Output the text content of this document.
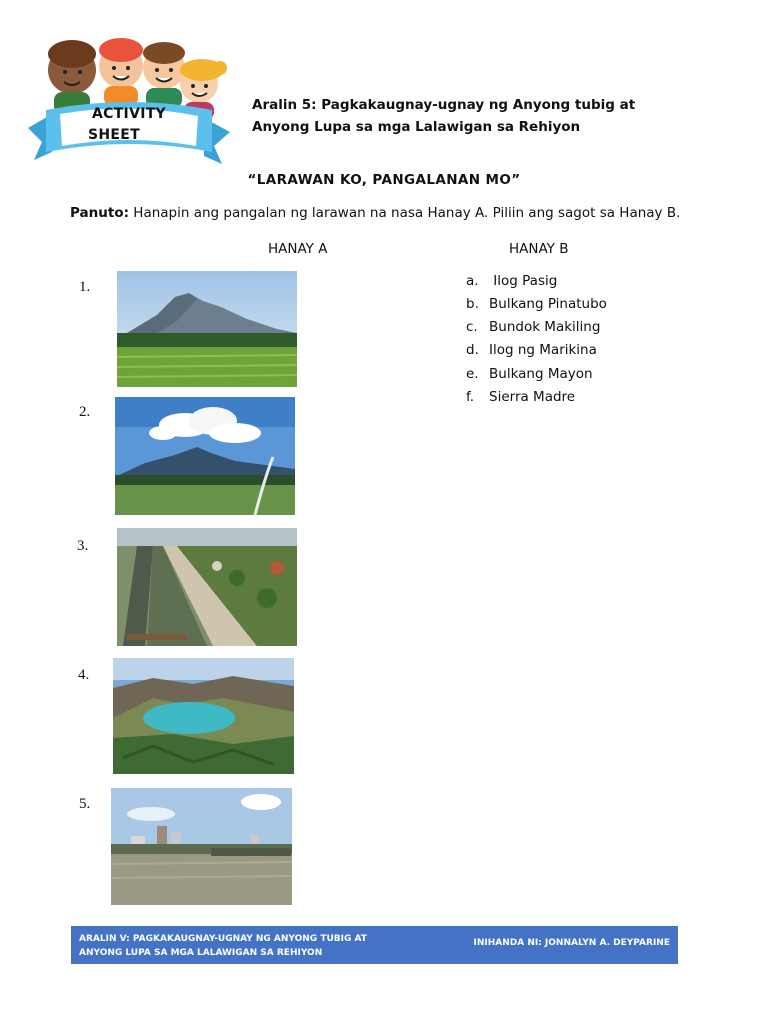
ACTIVITY
SHEET
Aralin 5: Pagkakaugnay-ugnay ng Anyong tubig at Anyong Lupa sa mga Lalawigan sa Rehiyon
“LARAWAN KO, PANGALANAN MO”
Panuto: Hanapin ang pangalan ng larawan na nasa Hanay A. Piliin ang sagot sa Hanay B.
HANAY A	HANAY B
1.
2.
3.
4.
5.
a. Ilog Pasig
b. Bulkang Pinatubo
c. Bundok Makiling
d. Ilog ng Marikina
e. Bulkang Mayon
f. Sierra Madre
ARALIN V: PAGKAKAUGNAY-UGNAY NG ANYONG TUBIG AT ANYONG LUPA SA MGA LALAWIGAN SA REHIYON
INIHANDA NI: JONNALYN A. DEYPARINE
